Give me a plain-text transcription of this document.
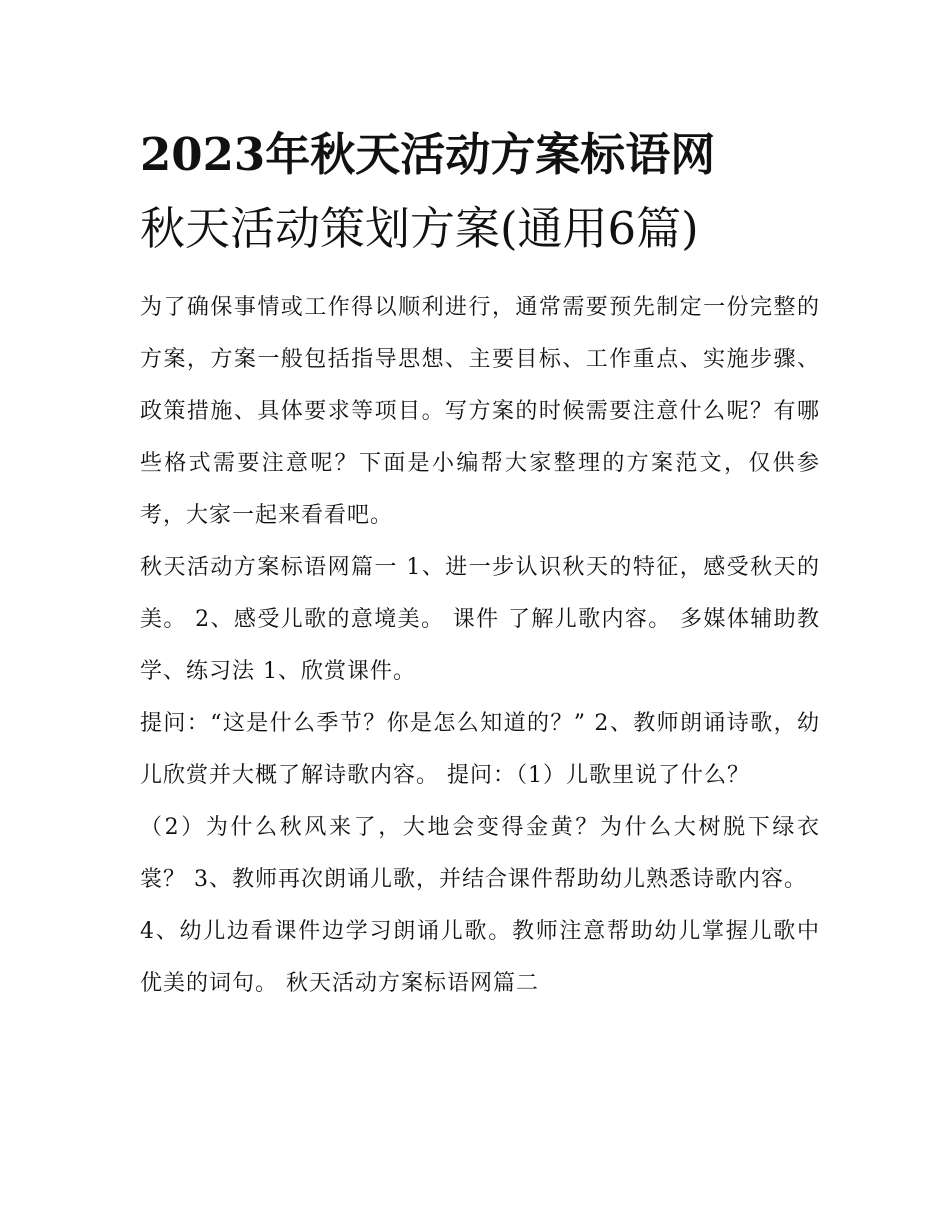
2023年秋天活动方案标语网
秋天活动策划方案(通用6篇)

为了确保事情或工作得以顺利进行，通常需要预先制定一份完整的方案，方案一般包括指导思想、主要目标、工作重点、实施步骤、政策措施、具体要求等项目。写方案的时候需要注意什么呢？有哪些格式需要注意呢？下面是小编帮大家整理的方案范文，仅供参考，大家一起来看看吧。

秋天活动方案标语网篇一 1、进一步认识秋天的特征，感受秋天的美。 2、感受儿歌的意境美。 课件 了解儿歌内容。 多媒体辅助教学、练习法 1、欣赏课件。

提问：“这是什么季节？你是怎么知道的？” 2、教师朗诵诗歌，幼儿欣赏并大概了解诗歌内容。 提问：（1）儿歌里说了什么？

（2）为什么秋风来了，大地会变得金黄？为什么大树脱下绿衣裳？ 3、教师再次朗诵儿歌，并结合课件帮助幼儿熟悉诗歌内容。

4、幼儿边看课件边学习朗诵儿歌。教师注意帮助幼儿掌握儿歌中优美的词句。 秋天活动方案标语网篇二
